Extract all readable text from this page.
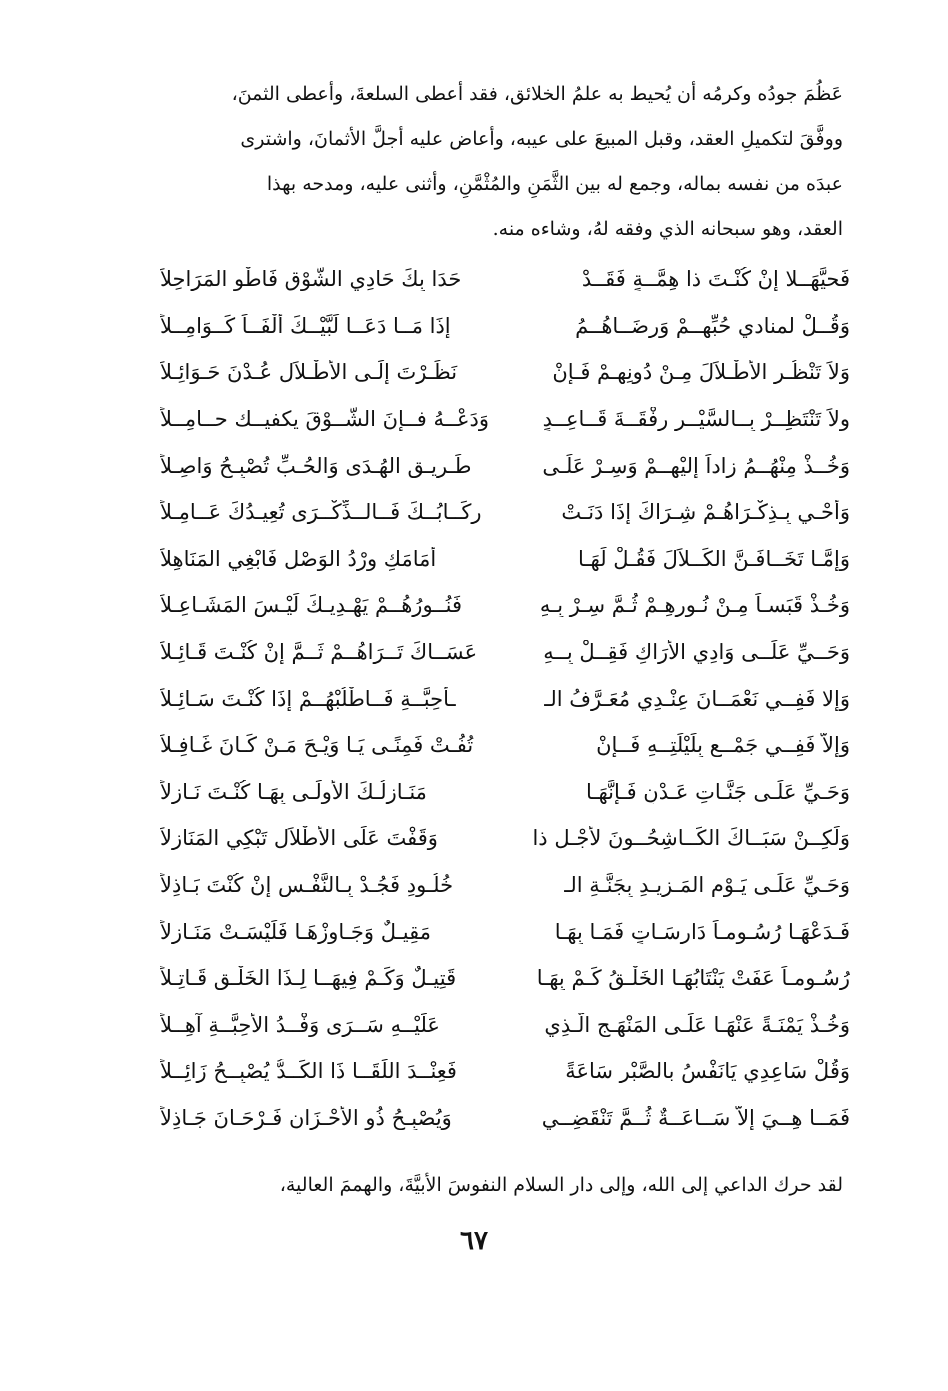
عَظُمَ جودُه وكرمُه أن يُحيط به علمُ الخلائق، فقد أعطى السلعةَ، وأعطى الثمنَ،
ووفَّقَ لتكميلِ العقد، وقبل المبيعَ على عيبه، وأعاض عليه أجلَّ الأثمانَ، واشترى
عبدَه من نفسه بماله، وجمع له بين الثَّمَنِ والمُثْمَّنِ، وأثنى عليه، ومدحه بهذا
العقد، وهو سبحانه الذي وفقه لهُ، وشاءه منه.
فَحيَّهَــلا إنْ كُنْـتَ ذا هِمَّــةٍ فَقَــدْ
حَدَا بِكَ حَادِي الشَّوْقِ فَاطْوِ المَرَاحِلاَ
وَقُــلْ لمنادي حُبِّهِــمْ وَرِضَــاهُــمُ
إذَا مَــا دَعَــا لَبَّيْــكَ أَلْفَــاً كَــوَامِــلاً
وَلاَ تَنْظُـرِ الأَطْـلاَلَ مِـنْ دُونِهِـمْ فَـإنْ
نَظَـرْتَ إلَـى الأَطْـلاَلِ عُـدْنَ حَـوَائِـلاَ
ولاَ تَنْتَظِــرْ بِــالسَّيْــرِ رِفْقَــةَ قَــاعِــدٍ
وَدَعْــهُ فــإنَ الشَّــوْقَ يكفيــك حــامِــلاً
وَخُــذْ مِنْهُــمُ زاداً إليْهِــمْ وَسِـرْ عَلَـى
طَـرِيـقِ الهُـدَى وَالحُـبِّ تُصْبِـحُ وَاصِـلاً
وَأَحْـيِ بِـذِكْـرَاهُـمْ شِـرَاكَ إذَا دَنَـتْ
رِكَــابُــكَ فَــالــذِّكْــرَى تُعِيـدُكَ عَــامِـلاً
وَإمَّـا تَخَــافَـنَّ الكَــلاَلَ فَقُـلْ لَهَـا
أَمَامَكِ وِرْدُ الوَصْلِ فَابْغِي المَنَاهِلاَ
وَخُـذْ قَبَسـاً مِـنْ نُـورِهِـمْ ثُـمَّ سِـرْ بِـهِ
فَنُــورُهُــمْ يَهْـدِيـكَ لَيْـسَ المَشَـاعِـلاَ
وَحَــيِّ عَلَــى وَادِي الأَرَاكِ فَقِــلْ بِــهِ
عَسَــاكَ تَــرَاهُــمْ ثَــمَّ إنْ كُنْـتَ قَـائِـلاَ
وَإلا فَفِــي نَعْمَــانَ عِنْـدِي مُعَـرَّفُ الـ
ـأَحِبَّــةِ فَــاطْلُبْهُــمْ إذَا كُنْـتَ سَـائِـلاَ
وَإلاَّ فَفِــي جَمْــعٍ بِلَيْلَتِــهِ فَــإنْ
تُفُـتْ فَمِنًـى يَـا وَيْـحَ مَـنْ كَـانَ غَـافِـلاَ
وَحَـيِّ عَلَـى جَنَّـاتِ عَـدْنٍ فَـإنَّهَـا
مَنَـازِلُـكَ الأولَـى بِهَـا كُنْـتَ نَـازِلاً
وَلَكِــنْ سَبَــاكَ الكَــاشِحُــونَ لأَجْـلِ ذا
وَقَفْتَ عَلَى الأَطْلاَلِ تَبْكِي المَنَازِلاَ
وَحَـيِّ عَلَـى يَـوْمِ المَـزِيـدِ بِجَنَّـةِ الـ
خُلُـودِ فَجُـدْ بِـالنَّفْـسِ إنْ كُنْتَ بَـاذِلاً
فَـدَعْهَـا رُسُـومـاً دَارِسَـاتٍ فَمَـا بِهَـا
مَقِيـلٌ وَجَـاوِزْهَـا فَلَيْسَـتْ مَنَـازِلاً
رُسُـومـاً عَفَتْ يَنْتَابُهَـا الخَلْـقُ كَـمْ بِهَـا
قَتِيـلٌ وَكَـمْ فِيهَــا لِـذَا الخَلْـقِ قَـاتِـلاً
وَخُـذْ يَمْنَـةً عَنْهَـا عَلَـى المَنْهَـجِ الَّـذِي
عَلَيْــهِ سَــرَى وَفْــدُ الأَحِبَّــةِ آهِــلاً
وَقُلْ سَاعِدِي يَانَفْسُ بالصَّبْرِ سَاعَةً
فَعِنْــدَ اللِّقَــا ذَا الكَــدُّ يُصْبِــحُ زَائِــلاً
فَمَــا هِــيَ إلاَّ سَــاعَــةٌ ثُــمَّ تَنْقَضِــي
وَيُصْبِـحُ ذُو الأَحْـزَانِ فَـرْحَـانَ جَـاذِلاً
لقد حرك الداعي إلى الله، وإلى دار السلام النفوسَ الأبيَّةَ، والهممَ العالية،
٦٧
